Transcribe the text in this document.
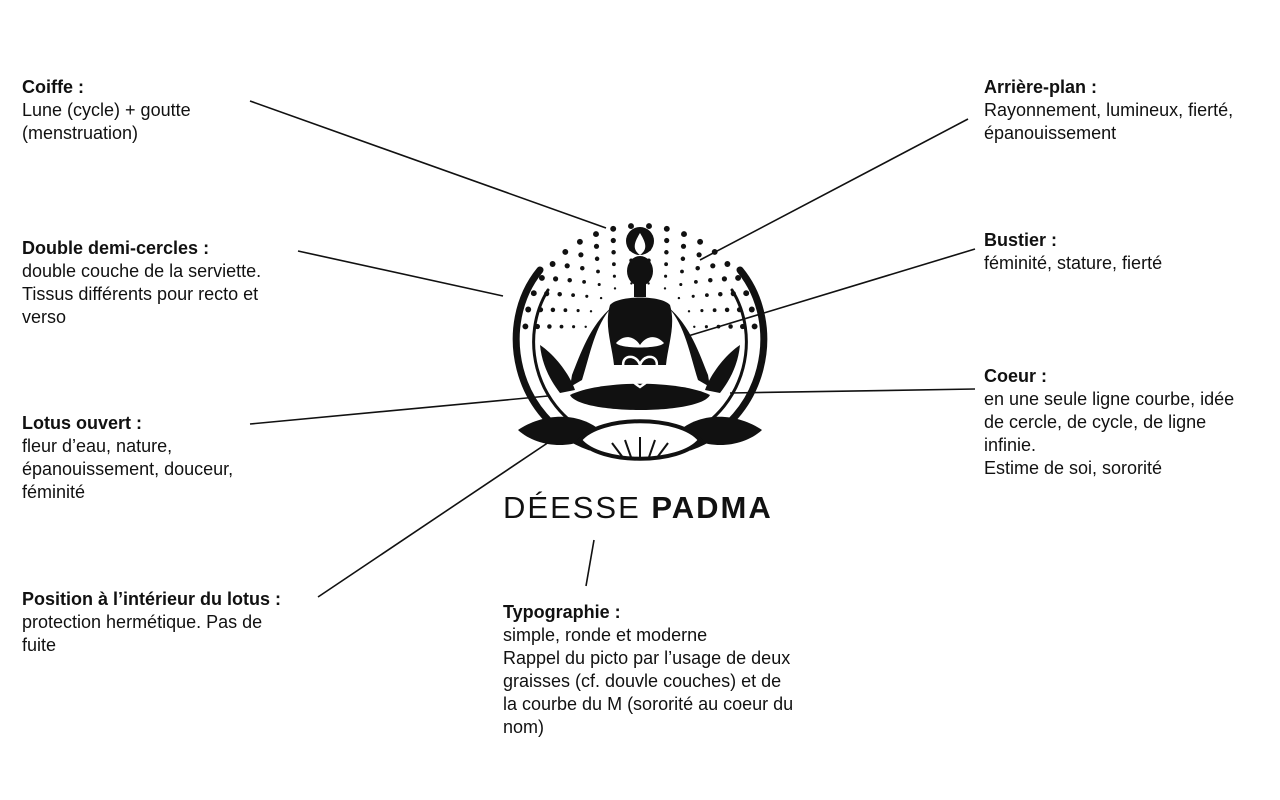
DÉESSE PADMA
Coiffe :
Lune (cycle) + goutte
(menstruation)
Double demi-cercles :
double couche de la serviette.
Tissus différents pour recto et
verso
Lotus ouvert :
fleur d’eau, nature,
épanouissement, douceur,
féminité
Position à l’intérieur du lotus :
protection hermétique. Pas de
fuite
Arrière-plan :
Rayonnement, lumineux, fierté,
épanouissement
Bustier :
féminité, stature, fierté
Coeur :
en une seule ligne courbe, idée
de cercle, de cycle, de ligne
infinie.
Estime de soi, sororité
Typographie :
simple, ronde et moderne
Rappel du picto par l’usage de deux
graisses (cf. douvle couches) et de
la courbe du M (sororité au coeur du
nom)
